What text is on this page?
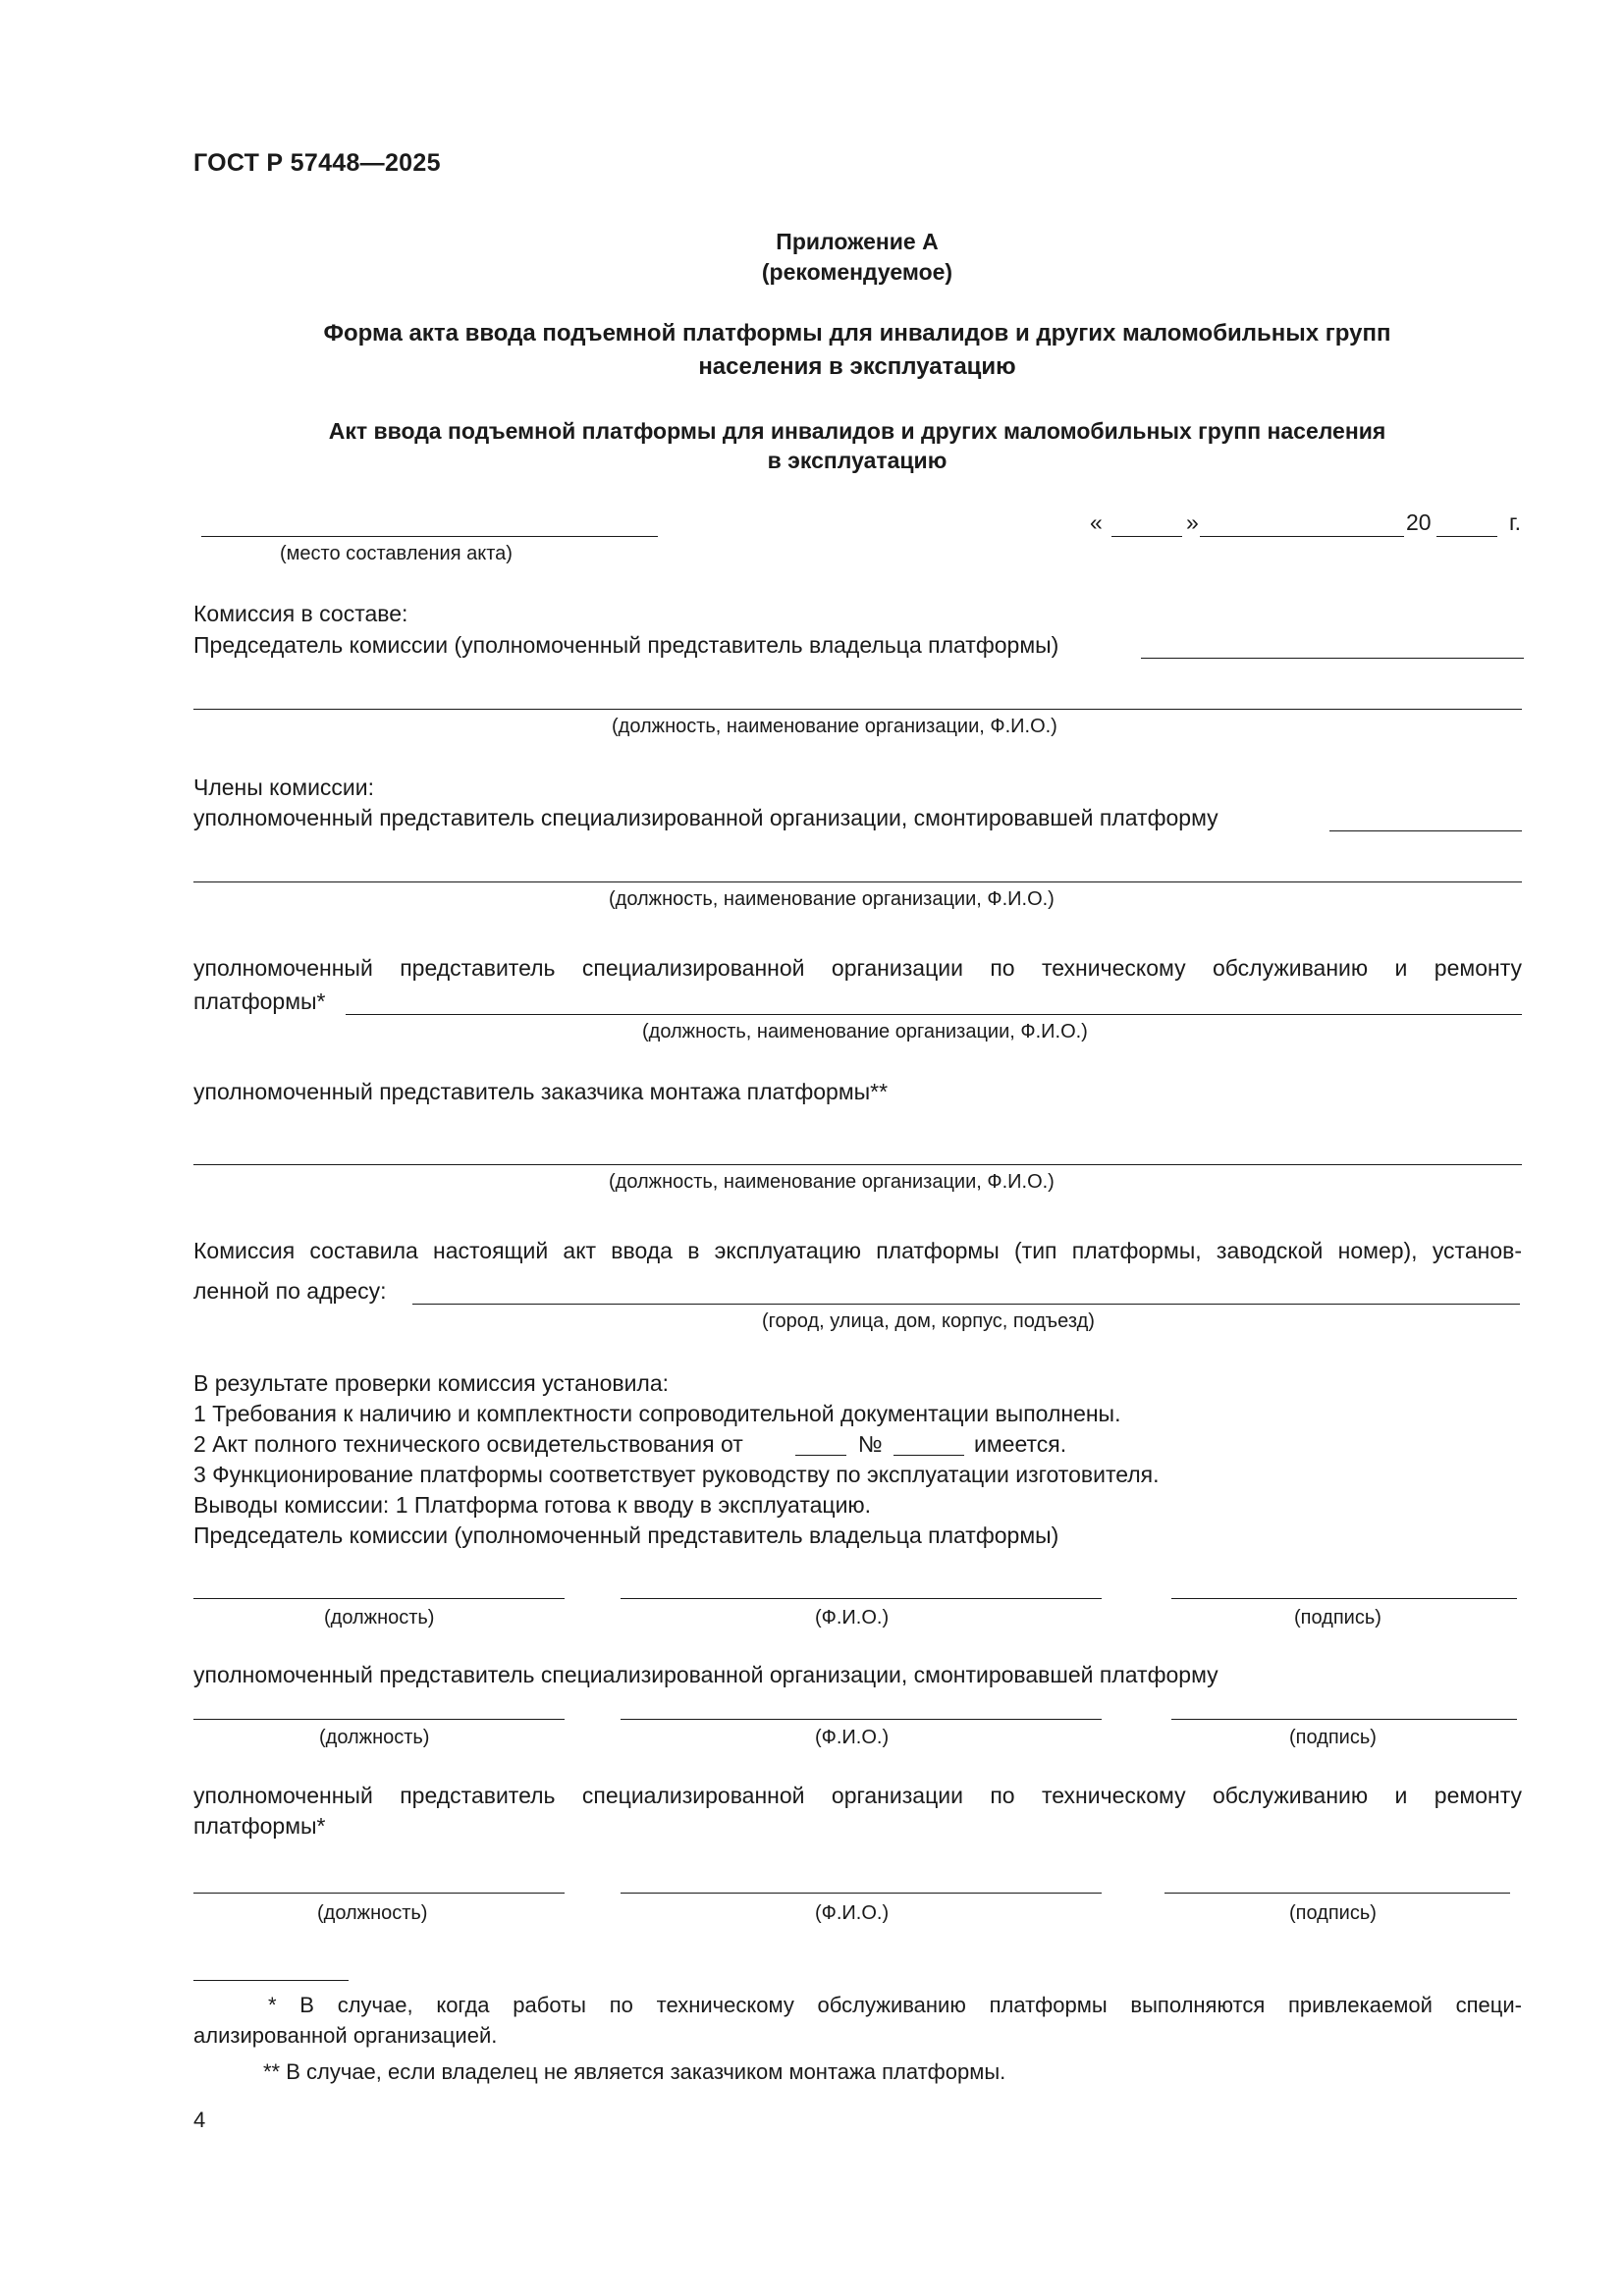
ГОСТ Р 57448—2025
Приложение А
(рекомендуемое)
Форма акта ввода подъемной платформы для инвалидов и других маломобильных групп
населения в эксплуатацию
Акт ввода подъемной платформы для инвалидов и других маломобильных групп населения
в эксплуатацию
(место составления акта)
«	»	20	г.
Комиссия в составе:
Председатель комиссии (уполномоченный представитель владельца платформы)
(должность, наименование организации, Ф.И.О.)
Члены комиссии:
уполномоченный представитель специализированной организации, смонтировавшей платформу
(должность, наименование организации, Ф.И.О.)
уполномоченный представитель специализированной организации по техническому обслуживанию и ремонту
платформы*
(должность, наименование организации, Ф.И.О.)
уполномоченный представитель заказчика монтажа платформы**
(должность, наименование организации, Ф.И.О.)
Комиссия составила настоящий акт ввода в эксплуатацию платформы (тип платформы, заводской номер), установ-
ленной по адресу:
(город, улица, дом, корпус, подъезд)
В результате проверки комиссия установила:
1 Требования к наличию и комплектности сопроводительной документации выполнены.
2 Акт полного технического освидетельствования от	№	имеется.
3 Функционирование платформы соответствует руководству по эксплуатации изготовителя.
Выводы комиссии: 1 Платформа готова к вводу в эксплуатацию.
Председатель комиссии (уполномоченный представитель владельца платформы)
(должность)	(Ф.И.О.)	(подпись)
уполномоченный представитель специализированной организации, смонтировавшей платформу
(должность)	(Ф.И.О.)	(подпись)
уполномоченный представитель специализированной организации по техническому обслуживанию и ремонту
платформы*
(должность)	(Ф.И.О.)	(подпись)
* В случае, когда работы по техническому обслуживанию платформы выполняются привлекаемой специ-
ализированной организацией.
** В случае, если владелец не является заказчиком монтажа платформы.
4
